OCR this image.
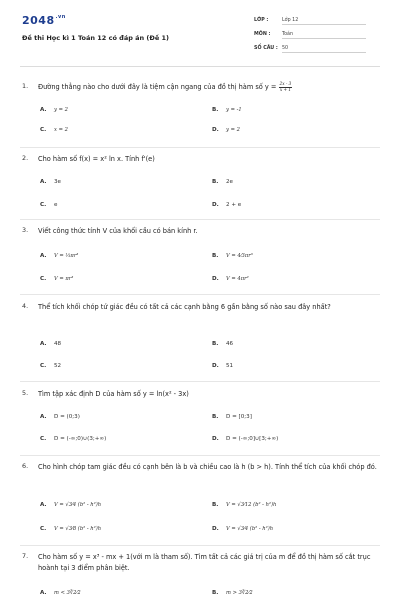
$2048^{.vn}$
Đề thi Học kì 1 Toán 12 có đáp án (Đề 1)
LỚP :	Lớp 12
MÔN : Toán
SỐ CÂU : 50
1. Đường thẳng nào cho dưới đây là tiệm cận ngang của đồ thị hàm số $y = \frac{2x - 3}{x + 1}$
A. y = 2	B. y = -1
C. x = 2	D. y = 2
2. Cho hàm số f(x) = x² ln x. Tính f'(e)
A. 3e	B. 2e
C. e	D. 2 + e
3. Viết công thức tính V của khối cầu có bán kính r.
A. V = ⅓πr³	B. V = 4⁄3πr³
C. V = πr³	D. V = 4πr²
4. Thể tích khối chóp tứ giác đều có tất cả các cạnh bằng 6 gần bằng số nào sau đây nhất?
A. 48	B. 46
C. 52	D. 51
5. Tìm tập xác định D của hàm số y = ln(x² - 3x)
A. D = (0;3)	B. D = [0;3]
C. D = (-∞;0)∪(3;+∞)	D. D = (-∞;0]∪[3;+∞)
6. Cho hình chóp tam giác đều có cạnh bên là b và chiều cao là h (b > h). Tính thể tích của khối chóp đó.
A. V = √3⁄4 (b² - h²)h	B. V = √3⁄12 (b² - h²)h
C. V = √3⁄8 (b² - h²)h	D. V = √3⁄4 (b² - h²)h
7. Cho hàm số y = x³ - mx + 1(với m là tham số). Tìm tất cả các giá trị của m để đồ thị hàm số cắt trục hoành tại 3 điểm phân biệt.
A. m < 3∛2⁄2	B. m > 3∛2⁄2
